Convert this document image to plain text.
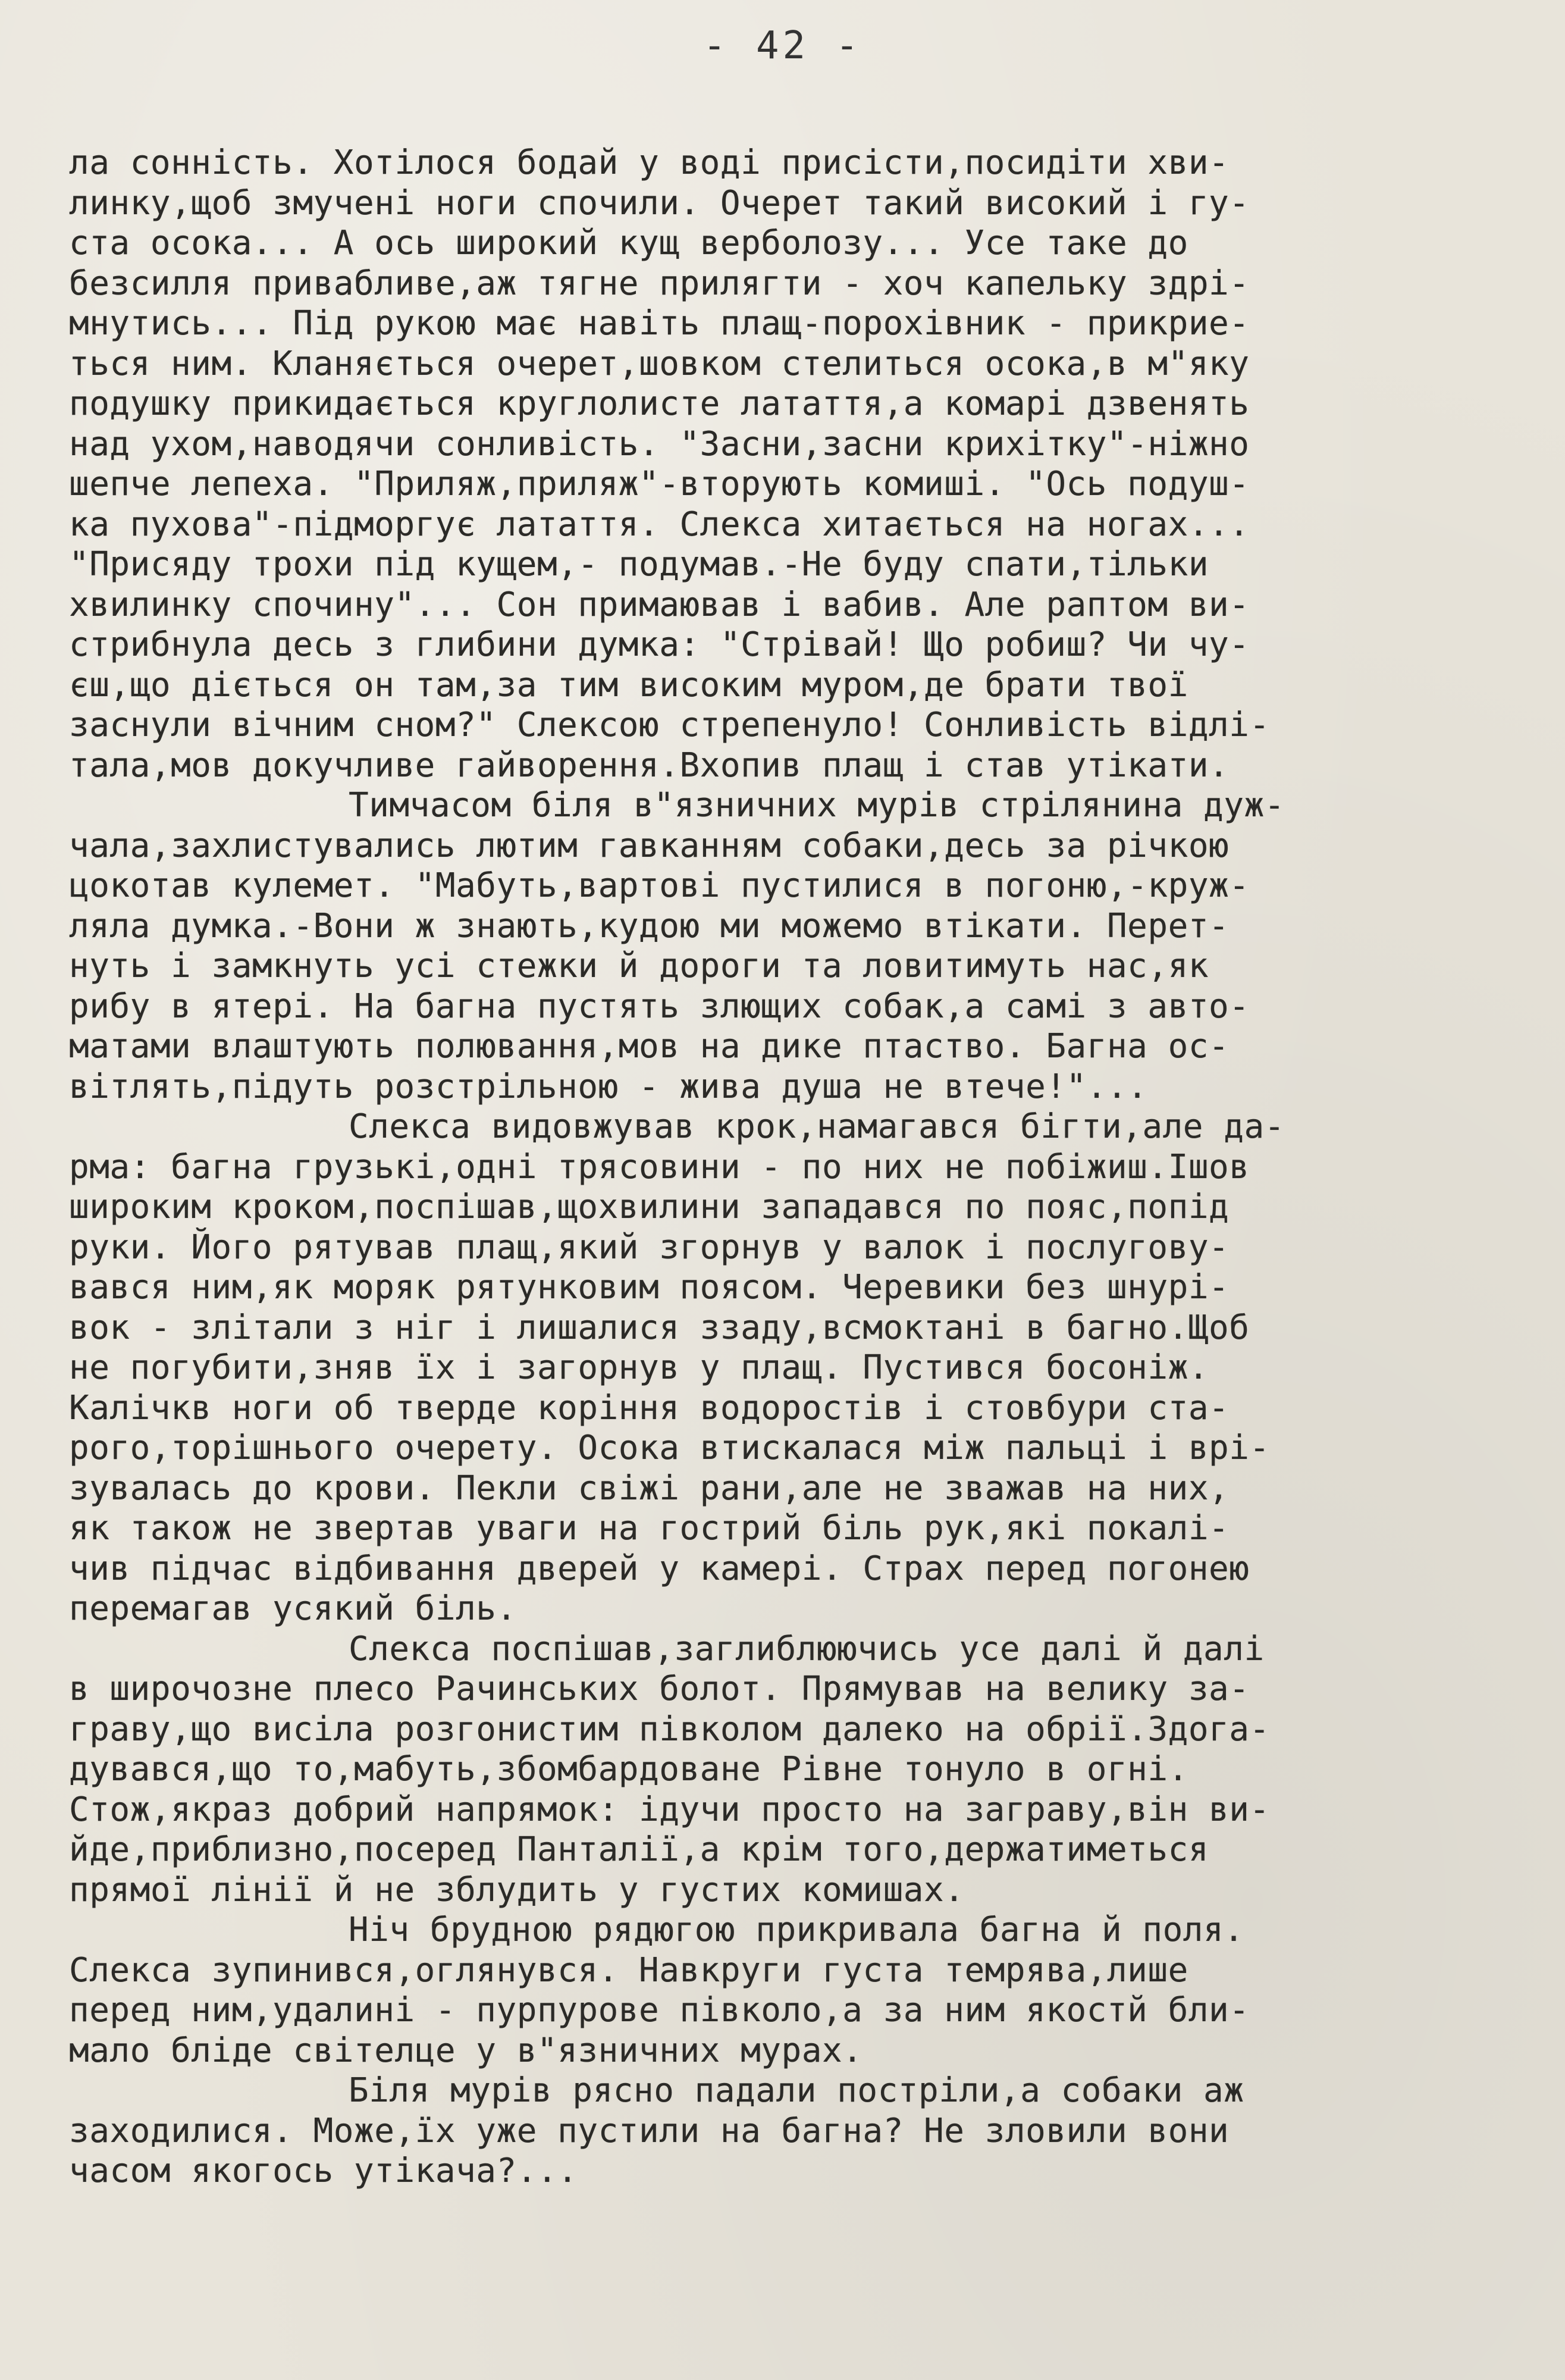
- 42 -
ла сонність. Хотілося бодай у воді присісти,посидіти хви-
линку,щоб змучені ноги спочили. Очерет такий високий і гу-
ста осока... А ось широкий кущ верболозу... Усе таке до
безсилля привабливе,аж тягне прилягти - хоч капельку здрі-
мнутись... Під рукою має навіть плащ-порохівник - прикрие-
ться ним. Кланяється очерет,шовком стелиться осока,в м"яку
подушку прикидається круглолисте латаття,а комарі дзвенять
над ухом,наводячи сонливість. "Засни,засни крихітку"-ніжно
шепче лепеха. "Приляж,приляж"-вторують комиші. "Ось подуш-
ка пухова"-підморгує латаття. Слекса хитається на ногах...
"Присяду трохи під кущем,- подумав.-Не буду спати,тільки
хвилинку спочину"... Сон примаював і вабив. Але раптом ви-
стрибнула десь з глибини думка: "Стрівай! Що робиш? Чи чу-
єш,що діється он там,за тим високим муром,де брати твої
заснули вічним сном?" Слексою стрепенуло! Сонливість відлі-
тала,мов докучливе гайворення.Вхопив плащ і став утікати.
Тимчасом біля в"язничних мурів стрілянина дуж-
чала,захлистувались лютим гавканням собаки,десь за річкою
цокотав кулемет. "Мабуть,вартові пустилися в погоню,-круж-
ляла думка.-Вони ж знають,кудою ми можемо втікати. Перет-
нуть і замкнуть усі стежки й дороги та ловитимуть нас,як
рибу в ятері. На багна пустять злющих собак,а самі з авто-
матами влаштують полювання,мов на дике птаство. Багна ос-
вітлять,підуть розстрільною - жива душа не втече!"...
Слекса видовжував крок,намагався бігти,але да-
рма: багна грузькі,одні трясовини - по них не побіжиш.Ішов
широким кроком,поспішав,щохвилини западався по пояс,попід
руки. Його рятував плащ,який згорнув у валок і послугову-
вався ним,як моряк рятунковим поясом. Черевики без шнурі-
вок - злітали з ніг і лишалися ззаду,всмоктані в багно.Щоб
не погубити,зняв їх і загорнув у плащ. Пустився босоніж.
Калічкв ноги об тверде коріння водоростів і стовбури ста-
рого,торішнього очерету. Осока втискалася між пальці і врі-
зувалась до крови. Пекли свіжі рани,але не зважав на них,
як також не звертав уваги на гострий біль рук,які покалі-
чив підчас відбивання дверей у камері. Страх перед погонею
перемагав усякий біль.
Слекса поспішав,заглиблюючись усе далі й далі
в широчозне плесо Рачинських болот. Прямував на велику за-
граву,що висіла розгонистим півколом далеко на обрії.Здога-
дувався,що то,мабуть,збомбардоване Рівне тонуло в огні.
Стож,якраз добрий напрямок: ідучи просто на заграву,він ви-
йде,приблизно,посеред Панталії,а крім того,держатиметься
прямої лінії й не зблудить у густих комишах.
Ніч брудною рядюгою прикривала багна й поля.
Слекса зупинився,оглянувся. Навкруги густа темрява,лише
перед ним,удалині - пурпурове півколо,а за ним якостй бли-
мало бліде світелце у в"язничних мурах.
Біля мурів рясно падали постріли,а собаки аж
заходилися. Може,їх уже пустили на багна? Не зловили вони
часом якогось утікача?...
